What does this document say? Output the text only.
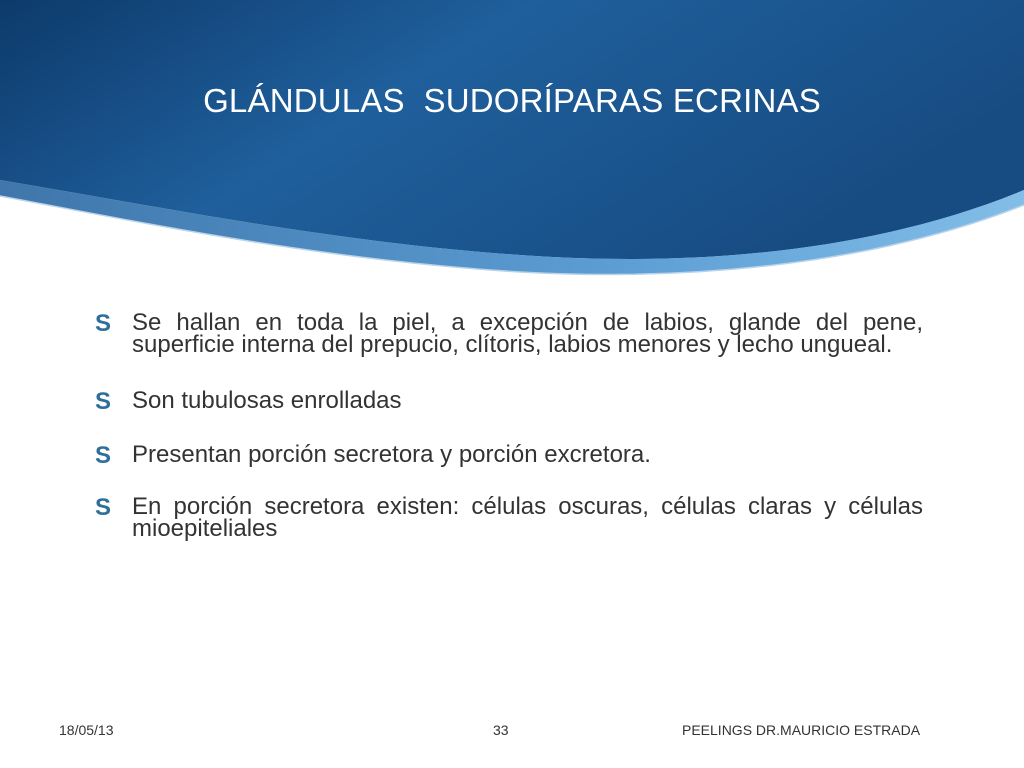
GLÁNDULAS  SUDORÍPARAS ECRINAS
S Se hallan en toda la piel, a excepción de labios, glande del pene, superficie interna del prepucio, clítoris, labios menores y lecho ungueal.
S Son tubulosas enrolladas
S Presentan porción secretora y porción excretora.
S En porción secretora existen: células oscuras, células claras y células mioepiteliales
18/05/13	33	PEELINGS DR.MAURICIO ESTRADA
